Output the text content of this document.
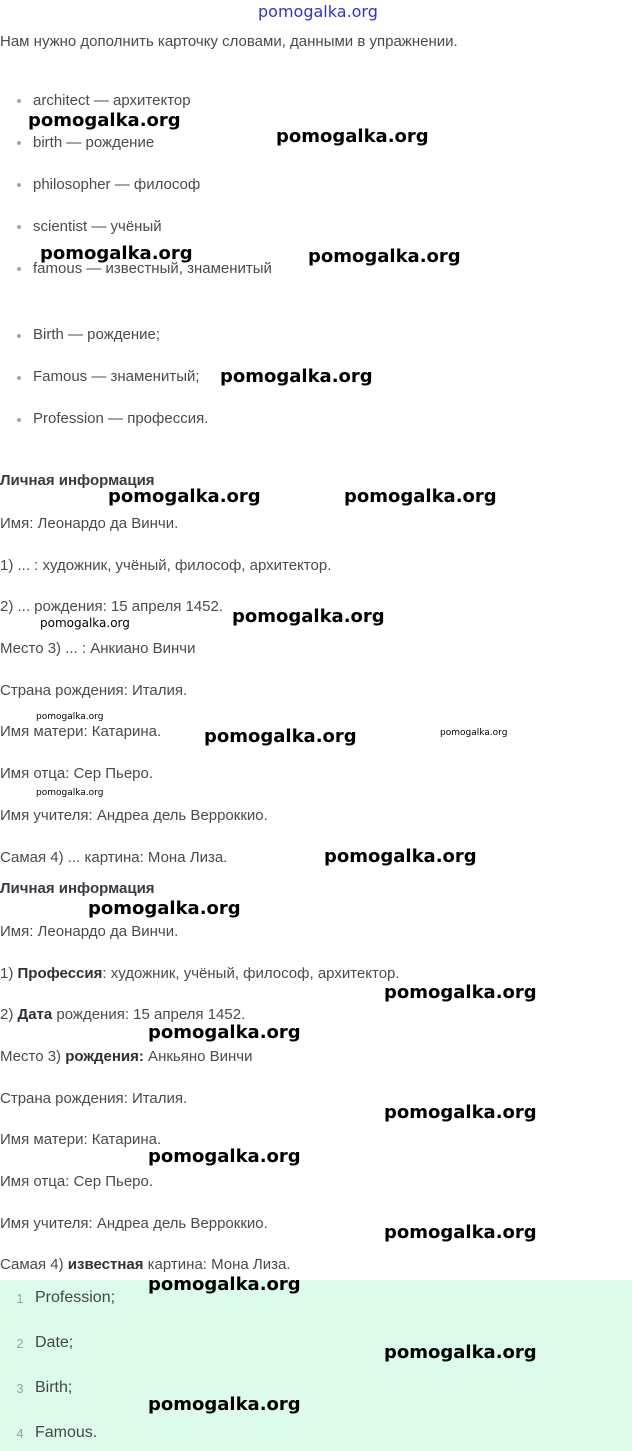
pomogalka.org
Нам нужно дополнить карточку словами, данными в упражнении.
architect — архитектор
birth — рождение
philosopher — философ
scientist — учёный
famous — известный, знаменитый
Birth — рождение;
Famous — знаменитый;
Profession — профессия.
Личная информация
Имя: Леонардо да Винчи.
1) ... : художник, учёный, философ, архитектор.
2) ... рождения: 15 апреля 1452.
Место 3) ... : Анкиано Винчи
Страна рождения: Италия.
Имя матери: Катарина.
Имя отца: Сер Пьеро.
Имя учителя: Андреа дель Верроккио.
Самая 4) ... картина: Мона Лиза.
Личная информация
Имя: Леонардо да Винчи.
1) Профессия: художник, учёный, философ, архитектор.
2) Дата рождения: 15 апреля 1452.
Место 3) рождения: Анкьяно Винчи
Страна рождения: Италия.
Имя матери: Катарина.
Имя отца: Сер Пьеро.
Имя учителя: Андреа дель Верроккио.
Самая 4) известная картина: Мона Лиза.
1 Profession;
2 Date;
3 Birth;
4 Famous.
pomogalka.org
pomogalka.org
pomogalka.org	pomogalka.org
pomogalka.org
pomogalka.org	pomogalka.org
pomogalka.org
pomogalka.org
pomogalka.org
pomogalka.org	pomogalka.org
pomogalka.org
pomogalka.org
pomogalka.org
pomogalka.org
pomogalka.org
pomogalka.org
pomogalka.org
pomogalka.org
pomogalka.org
pomogalka.org
pomogalka.org
